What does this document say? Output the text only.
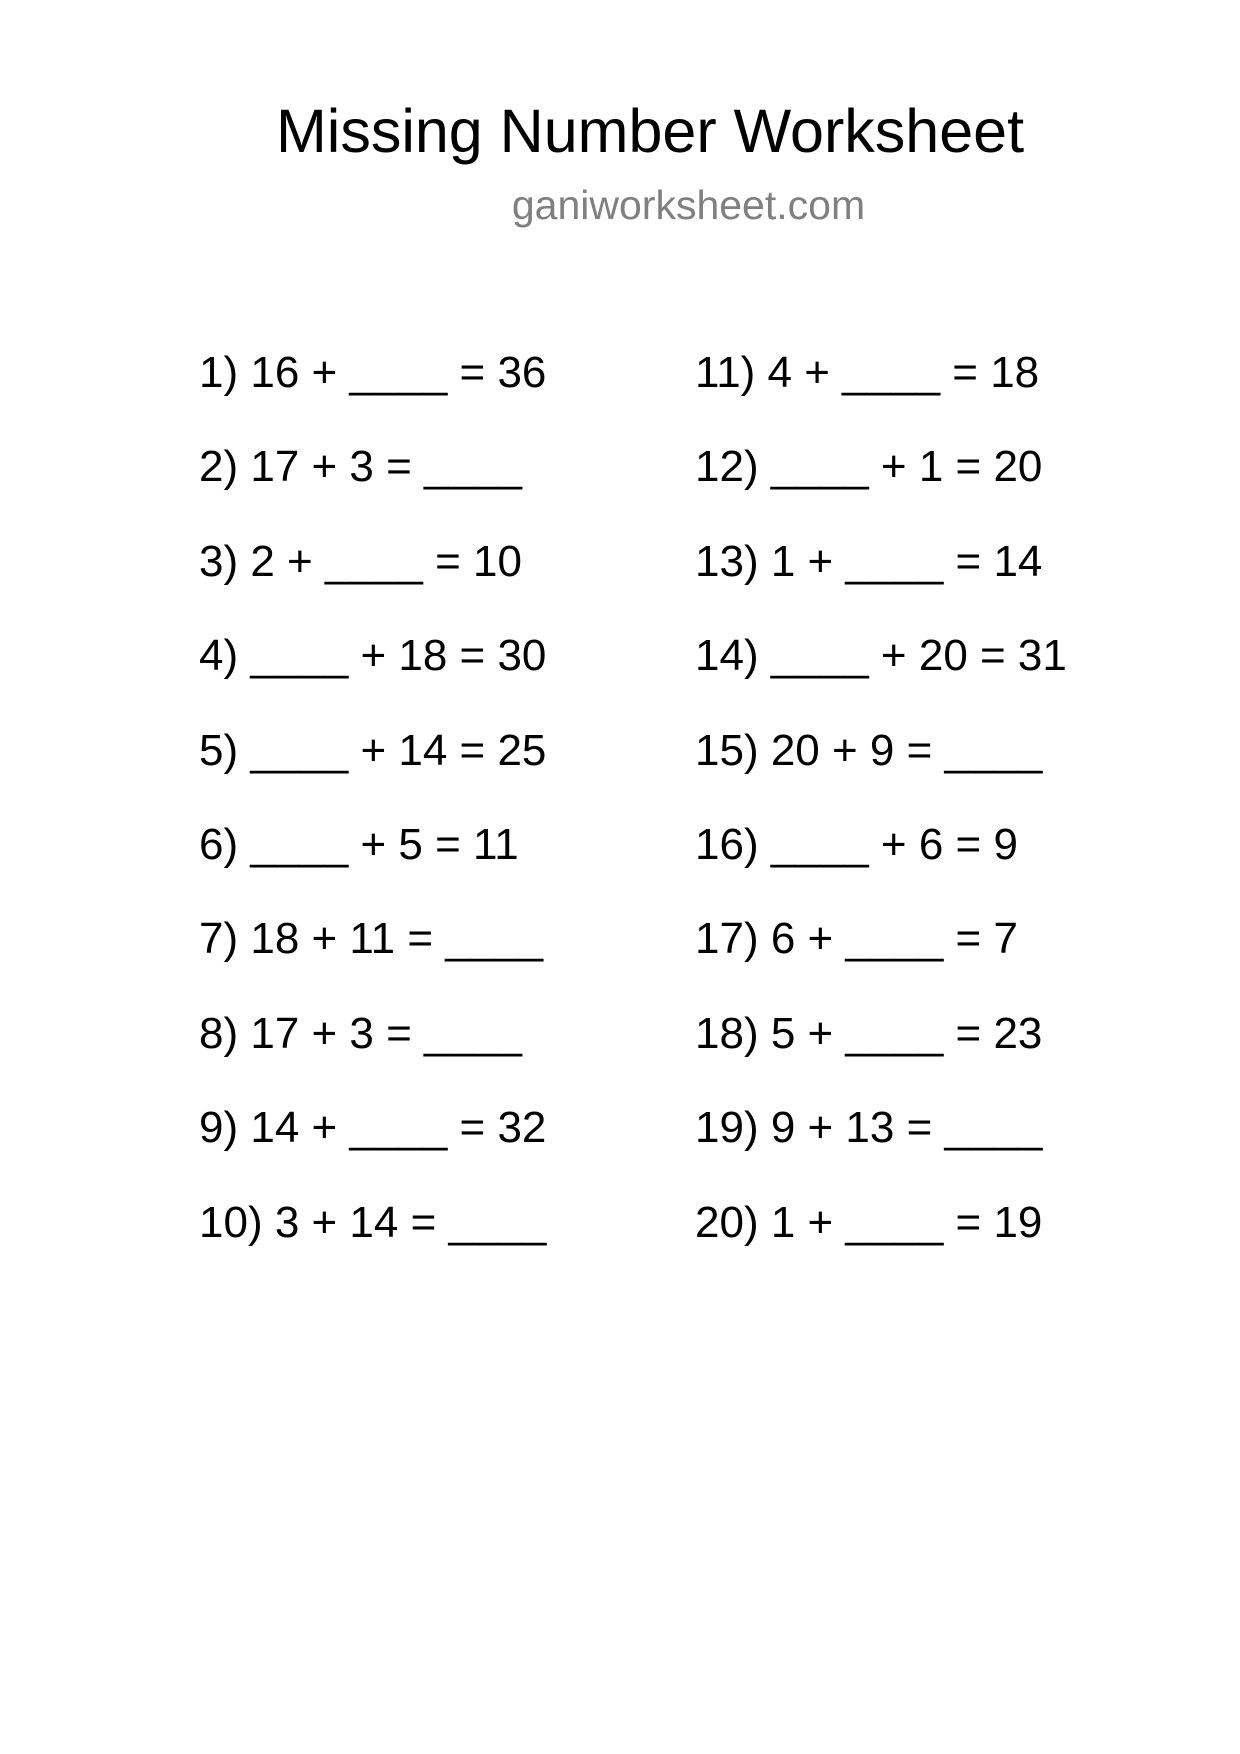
Missing Number Worksheet
ganiworksheet.com
1) 16 + ____ = 36
2) 17 + 3 = ____
3) 2 + ____ = 10
4) ____ + 18 = 30
5) ____ + 14 = 25
6) ____ + 5 = 11
7) 18 + 11 = ____
8) 17 + 3 = ____
9) 14 + ____ = 32
10) 3 + 14 = ____
11) 4 + ____ = 18
12) ____ + 1 = 20
13) 1 + ____ = 14
14) ____ + 20 = 31
15) 20 + 9 = ____
16) ____ + 6 = 9
17) 6 + ____ = 7
18) 5 + ____ = 23
19) 9 + 13 = ____
20) 1 + ____ = 19
